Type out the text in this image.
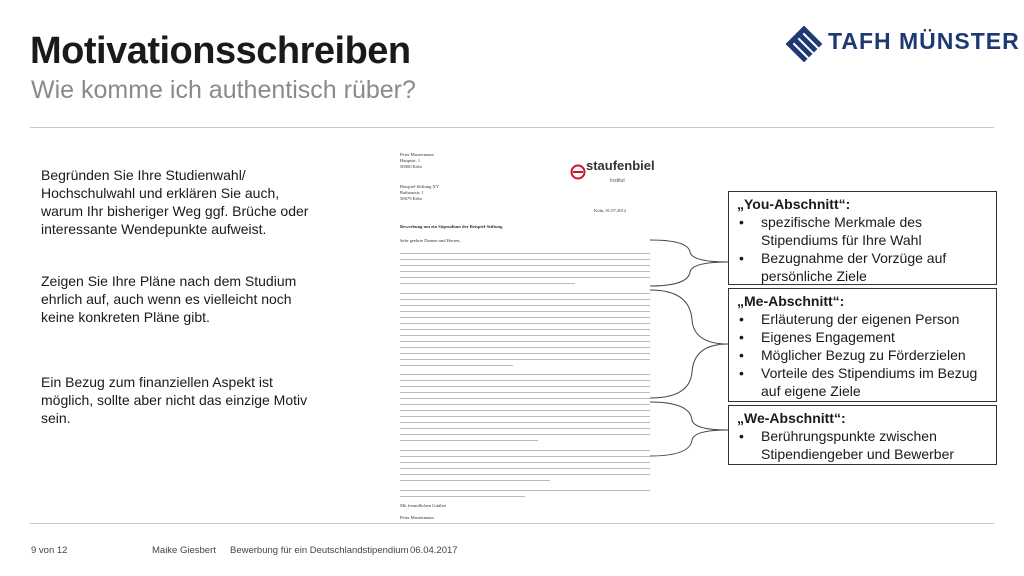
Motivationsschreiben
Wie komme ich authentisch rüber?
TAFH MÜNSTER
Begründen Sie Ihre Studienwahl/ Hochschulwahl und erklären Sie auch, warum Ihr bisheriger Weg ggf. Brüche oder interessante Wendepunkte aufweist.
Zeigen Sie Ihre Pläne nach dem Studium ehrlich auf, auch wenn es vielleicht noch keine konkreten Pläne gibt.
Ein Bezug zum finanziellen Aspekt ist möglich, sollte aber nicht das einzige Motiv sein.
Peter Mustermann
Hauptstr. 1
50000 Köln	staufenbiel
Institut
Beispiel-Stiftung XY
Rathausstr. 1
50679 Köln
Köln, 01.07.2012
Bewerbung um ein Stipendium der Beispiel-Stiftung
Sehr geehrte Damen und Herren,
Mit freundlichen Grüßen
Peter Mustermann
„You-Abschnitt“:
• spezifische Merkmale des Stipendiums für Ihre Wahl
• Bezugnahme der Vorzüge auf persönliche Ziele
„Me-Abschnitt“:
• Erläuterung der eigenen Person
• Eigenes Engagement
• Möglicher Bezug zu Förderzielen
• Vorteile des Stipendiums im Bezug auf eigene Ziele
„We-Abschnitt“:
• Berührungspunkte zwischen Stipendiengeber und Bewerber
9 von 12	Maike Giesbert Bewerbung für ein Deutschlandstipendium 06.04.2017
